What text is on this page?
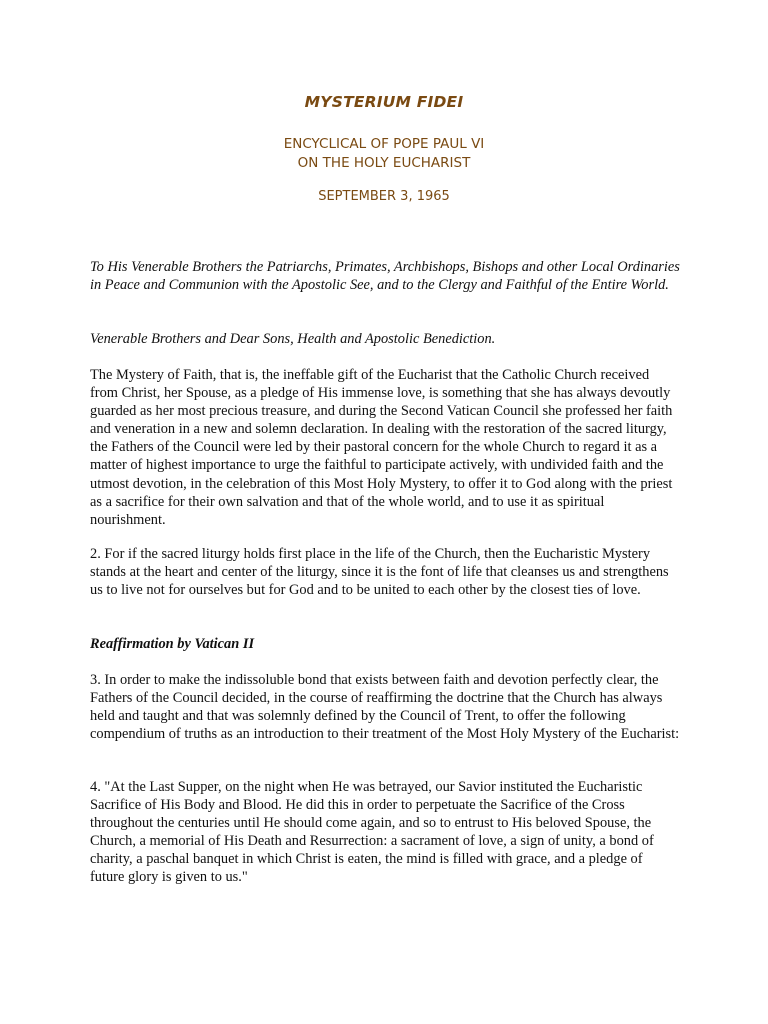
MYSTERIUM FIDEI
ENCYCLICAL OF POPE PAUL VI
ON THE HOLY EUCHARIST
SEPTEMBER 3, 1965

To His Venerable Brothers the Patriarchs, Primates, Archbishops, Bishops and other Local Ordinaries in Peace and Communion with the Apostolic See, and to the Clergy and Faithful of the Entire World.

Venerable Brothers and Dear Sons, Health and Apostolic Benediction.

The Mystery of Faith, that is, the ineffable gift of the Eucharist that the Catholic Church received from Christ, her Spouse, as a pledge of His immense love, is something that she has always devoutly guarded as her most precious treasure, and during the Second Vatican Council she professed her faith and veneration in a new and solemn declaration. In dealing with the restoration of the sacred liturgy, the Fathers of the Council were led by their pastoral concern for the whole Church to regard it as a matter of highest importance to urge the faithful to participate actively, with undivided faith and the utmost devotion, in the celebration of this Most Holy Mystery, to offer it to God along with the priest as a sacrifice for their own salvation and that of the whole world, and to use it as spiritual nourishment.

2. For if the sacred liturgy holds first place in the life of the Church, then the Eucharistic Mystery stands at the heart and center of the liturgy, since it is the font of life that cleanses us and strengthens us to live not for ourselves but for God and to be united to each other by the closest ties of love.

Reaffirmation by Vatican II

3. In order to make the indissoluble bond that exists between faith and devotion perfectly clear, the Fathers of the Council decided, in the course of reaffirming the doctrine that the Church has always held and taught and that was solemnly defined by the Council of Trent, to offer the following compendium of truths as an introduction to their treatment of the Most Holy Mystery of the Eucharist:

4. "At the Last Supper, on the night when He was betrayed, our Savior instituted the Eucharistic Sacrifice of His Body and Blood. He did this in order to perpetuate the Sacrifice of the Cross throughout the centuries until He should come again, and so to entrust to His beloved Spouse, the Church, a memorial of His Death and Resurrection: a sacrament of love, a sign of unity, a bond of charity, a paschal banquet in which Christ is eaten, the mind is filled with grace, and a pledge of future glory is given to us."
